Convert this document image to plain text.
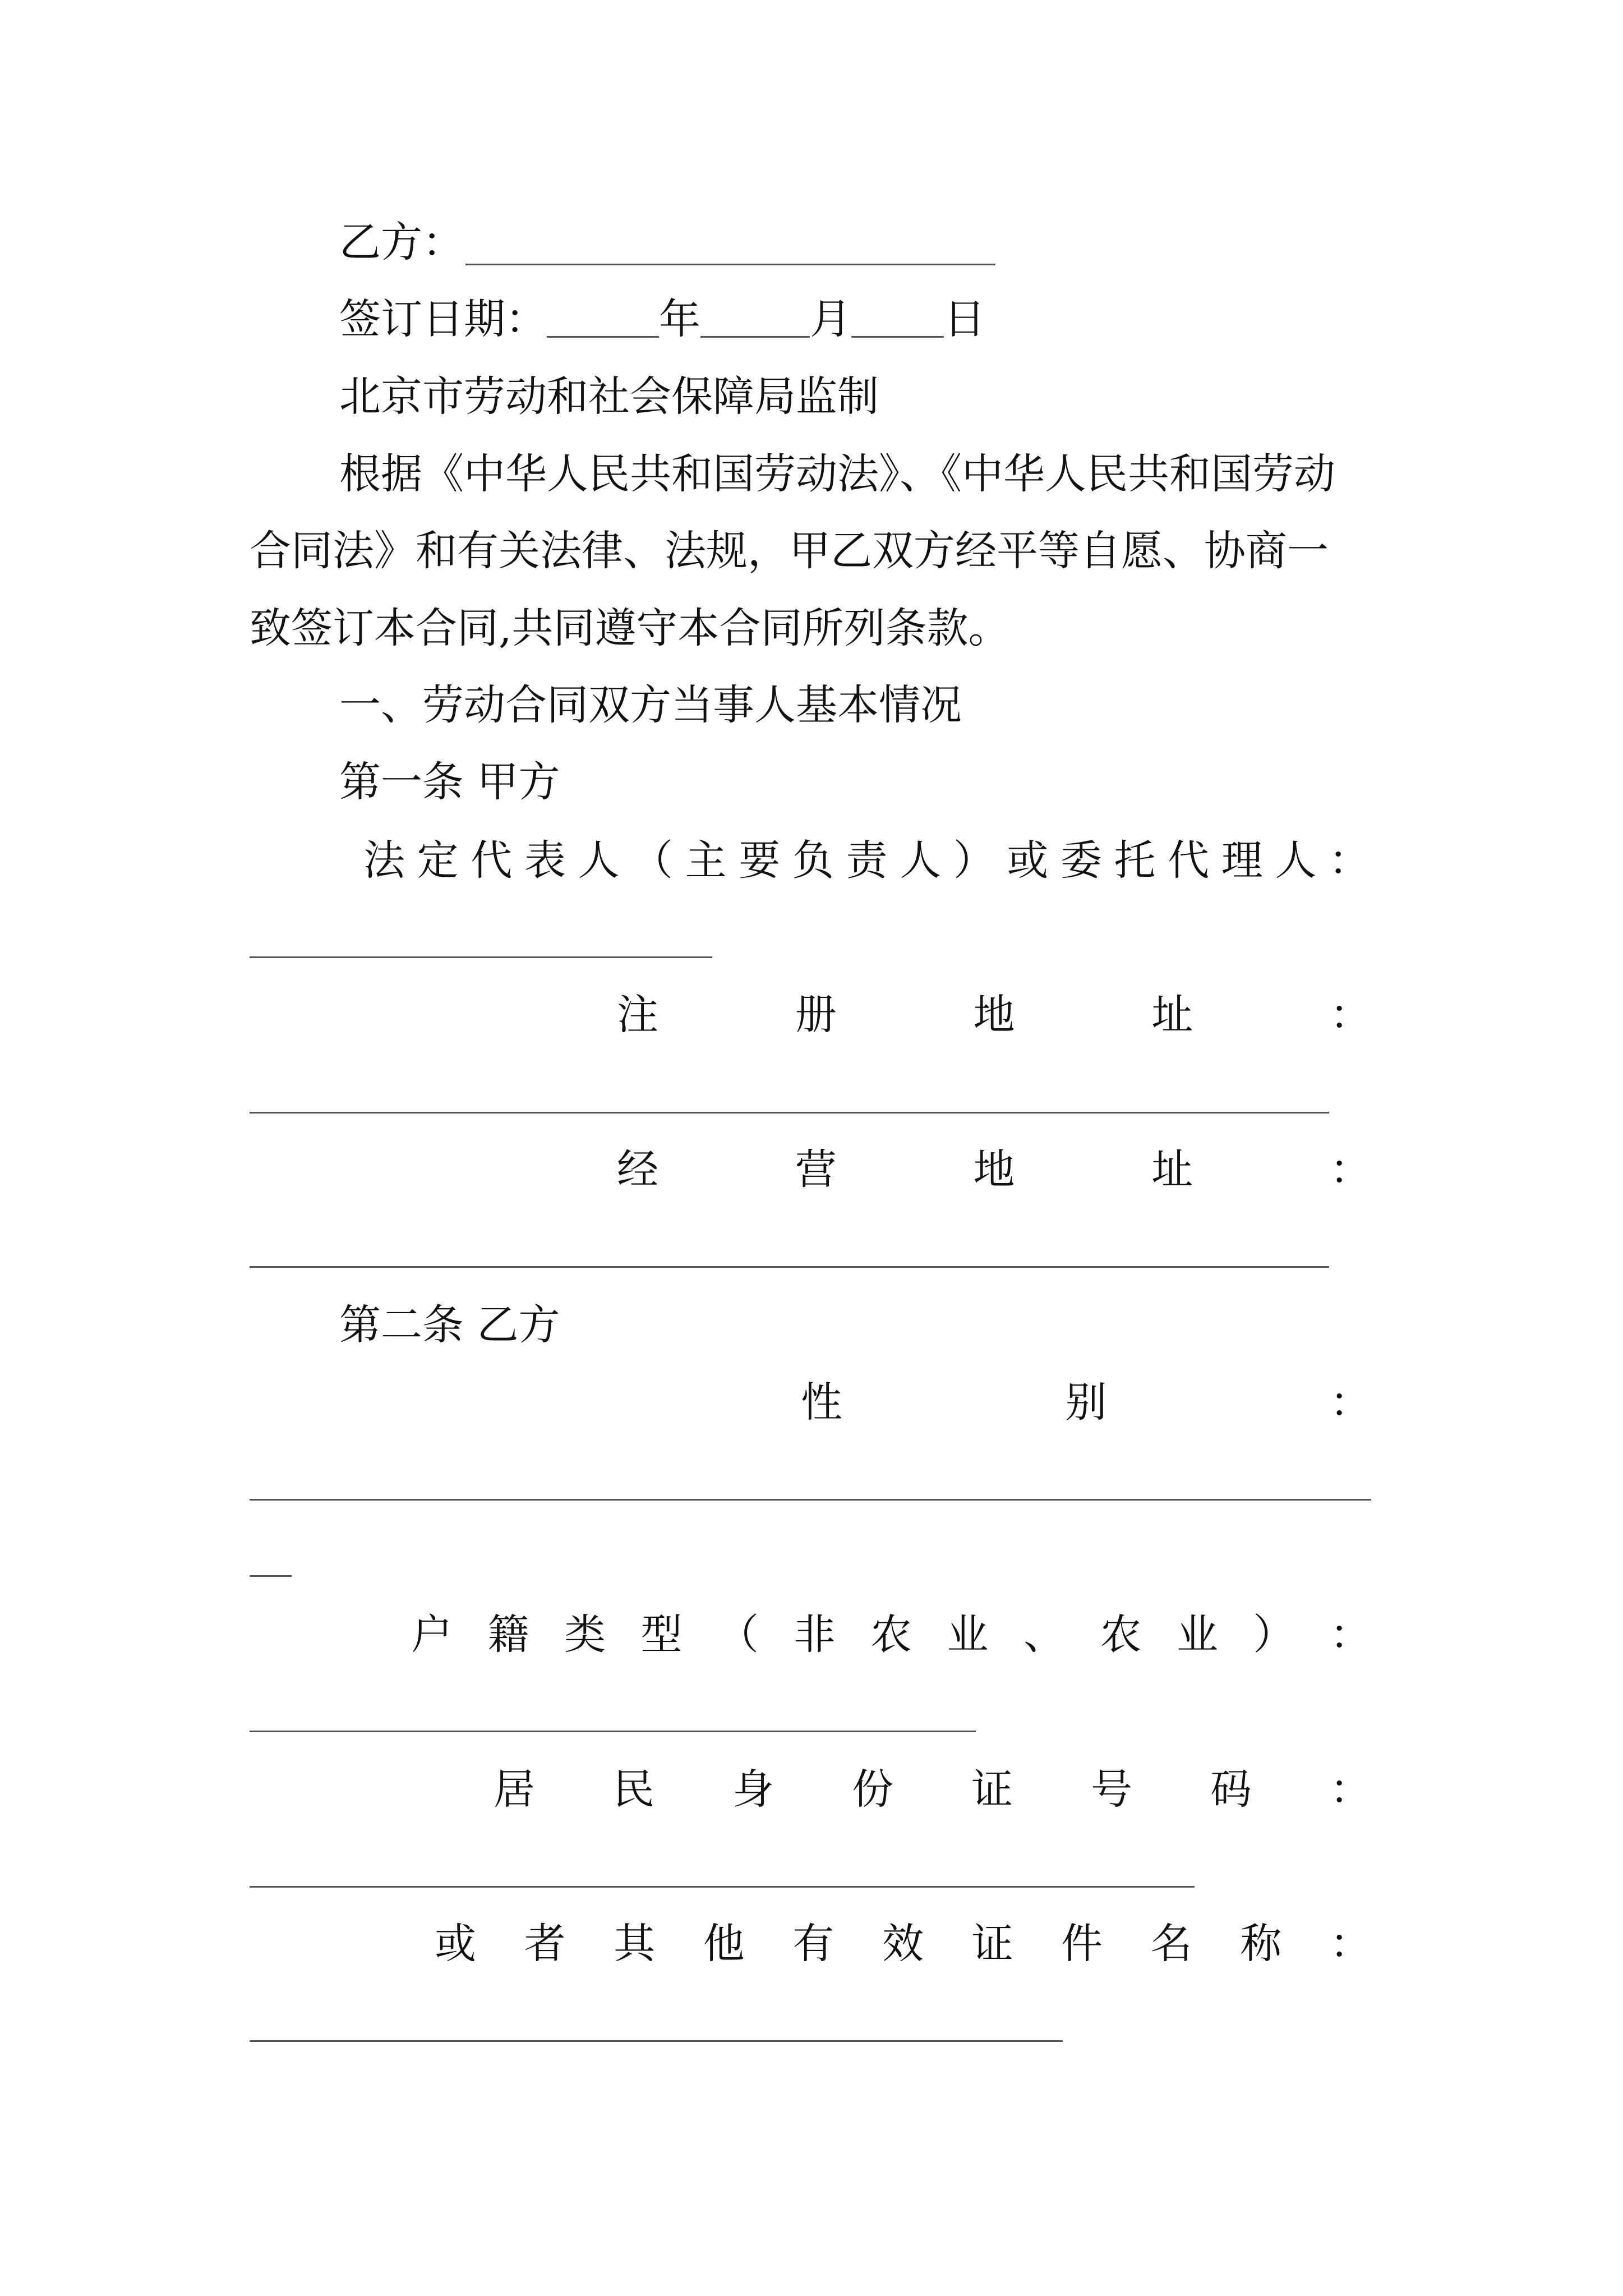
乙方：
签订日期：	年	月 日
北京市劳动和社会保障局监制
根据《中华人民共和国劳动法》、《中华人民共和国劳动
合同法》和有关法律、法规，甲乙双方经平等自愿、协商一
致签订本合同,共同遵守本合同所列条款。
一、劳动合同双方当事人基本情况
第一条 甲方
法 定 代 表 人 （ 主 要 负 责 人 ） 或 委 托 代 理 人 ：
注	册	地	址	：
经	营	地	址	：
第二条 乙方
性	别	：
户 籍 类 型 （ 非 农 业 、 农 业 ） ：
居 民 身 份 证 号 码 ：
或 者 其 他 有 效 证 件 名 称 ：
